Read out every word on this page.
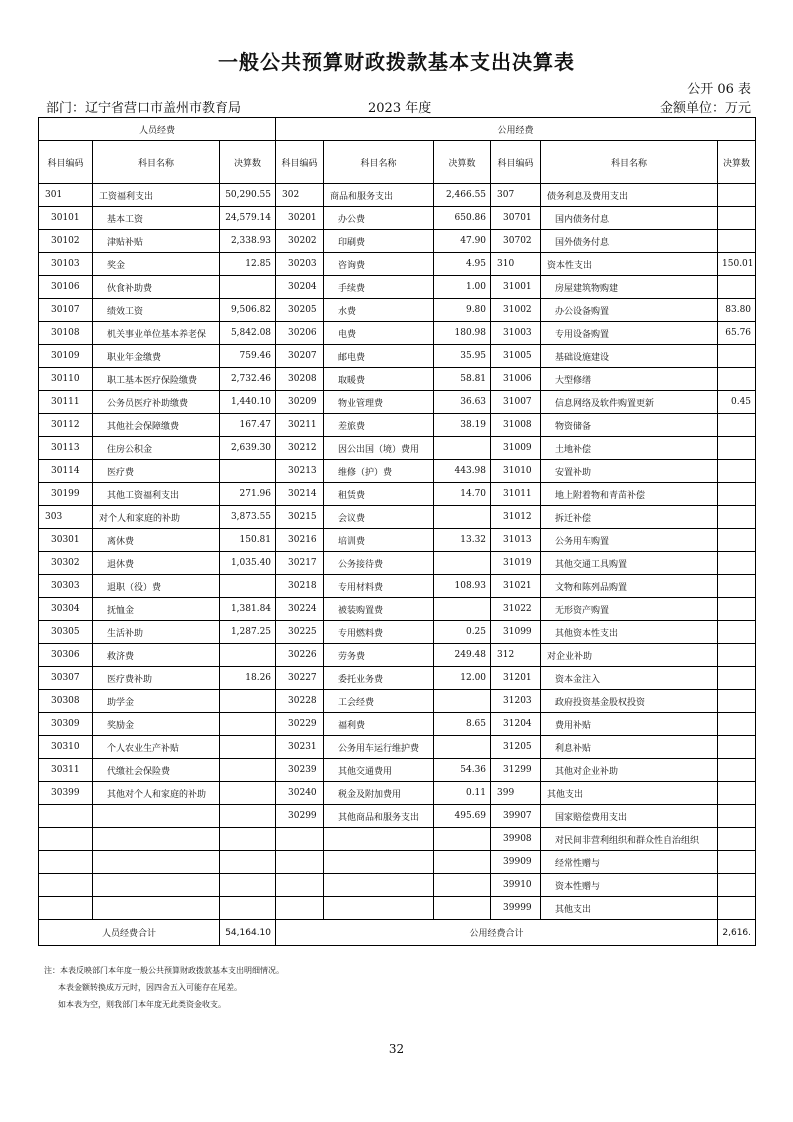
一般公共预算财政拨款基本支出决算表
公开 06 表
部门：辽宁省营口市盖州市教育局	2023 年度	金额单位：万元
人员经费			公用经费					
科目编码	科目名称	决算数	科目编码	科目名称	决算数	科目编码	科目名称	决算数
301	工资福利支出	50,290.55	302	商品和服务支出	2,466.55	307	债务利息及费用支出	
30101	基本工资	24,579.14	30201	办公费	650.86	30701	国内债务付息	
30102	津贴补贴	2,338.93	30202	印刷费	47.90	30702	国外债务付息	
30103	奖金	12.85	30203	咨询费	4.95	310	资本性支出	150.01
30106	伙食补助费		30204	手续费	1.00	31001	房屋建筑物购建	
30107	绩效工资	9,506.82	30205	水费	9.80	31002	办公设备购置	83.80
30108	机关事业单位基本养老保	5,842.08	30206	电费	180.98	31003	专用设备购置	65.76
30109	职业年金缴费	759.46	30207	邮电费	35.95	31005	基础设施建设	
30110	职工基本医疗保险缴费	2,732.46	30208	取暖费	58.81	31006	大型修缮	
30111	公务员医疗补助缴费	1,440.10	30209	物业管理费	36.63	31007	信息网络及软件购置更新	0.45
30112	其他社会保障缴费	167.47	30211	差旅费	38.19	31008	物资储备	
30113	住房公积金	2,639.30	30212	因公出国（境）费用		31009	土地补偿	
30114	医疗费		30213	维修（护）费	443.98	31010	安置补助	
30199	其他工资福利支出	271.96	30214	租赁费	14.70	31011	地上附着物和青苗补偿	
303	对个人和家庭的补助	3,873.55	30215	会议费		31012	拆迁补偿	
30301	离休费	150.81	30216	培训费	13.32	31013	公务用车购置	
30302	退休费	1,035.40	30217	公务接待费		31019	其他交通工具购置	
30303	退职（役）费		30218	专用材料费	108.93	31021	文物和陈列品购置	
30304	抚恤金	1,381.84	30224	被装购置费		31022	无形资产购置	
30305	生活补助	1,287.25	30225	专用燃料费	0.25	31099	其他资本性支出	
30306	救济费		30226	劳务费	249.48	312	对企业补助	
30307	医疗费补助	18.26	30227	委托业务费	12.00	31201	资本金注入	
30308	助学金		30228	工会经费		31203	政府投资基金股权投资	
30309	奖励金		30229	福利费	8.65	31204	费用补贴	
30310	个人农业生产补贴		30231	公务用车运行维护费		31205	利息补贴	
30311	代缴社会保险费		30239	其他交通费用	54.36	31299	其他对企业补助	
30399	其他对个人和家庭的补助		30240	税金及附加费用	0.11	399	其他支出	
			30299	其他商品和服务支出	495.69	39907	国家赔偿费用支出	
						39908	对民间非营利组织和群众性自治组织	
						39909	经常性赠与	
						39910	资本性赠与	
						39999	其他支出	
人员经费合计		54,164.10	公用经费合计					2,616.
注：本表反映部门本年度一般公共预算财政拨款基本支出明细情况。
本表金额转换成万元时，因四舍五入可能存在尾差。
如本表为空，则我部门本年度无此类资金收支。
32
